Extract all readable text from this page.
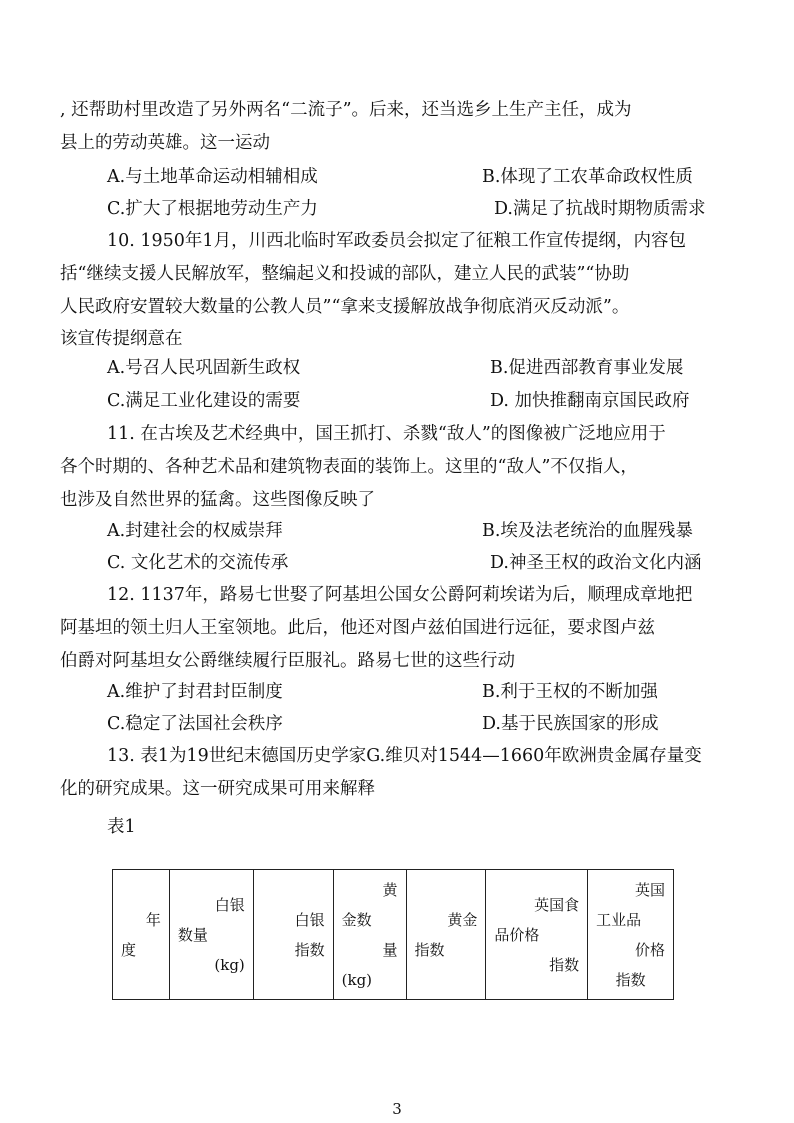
, 还帮助村里改造了另外两名“二流子”。后来，还当选乡上生产主任，成为
县上的劳动英雄。这一运动
A.与土地革命运动相辅相成	B.体现了工农革命政权性质
C.扩大了根据地劳动生产力	D.满足了抗战时期物质需求
10. 1950年1月，川西北临时军政委员会拟定了征粮工作宣传提纲，内容包
括“继续支援人民解放军，整编起义和投诚的部队，建立人民的武装”“协助
人民政府安置较大数量的公教人员”“拿来支援解放战争彻底消灭反动派”。
该宣传提纲意在
A.号召人民巩固新生政权	B.促进西部教育事业发展
C.满足工业化建设的需要	D. 加快推翻南京国民政府
11. 在古埃及艺术经典中，国王抓打、杀戮“敌人”的图像被广泛地应用于
各个时期的、各种艺术品和建筑物表面的装饰上。这里的“敌人”不仅指人，
也涉及自然世界的猛禽。这些图像反映了
A.封建社会的权威崇拜	B.埃及法老统治的血腥残暴
C. 文化艺术的交流传承	D.神圣王权的政治文化内涵
12. 1137年，路易七世娶了阿基坦公国女公爵阿莉埃诺为后，顺理成章地把
阿基坦的领土归人王室领地。此后，他还对图卢兹伯国进行远征，要求图卢兹
伯爵对阿基坦女公爵继续履行臣服礼。路易七世的这些行动
A.维护了封君封臣制度	B.利于王权的不断加强
C.稳定了法国社会秩序	D.基于民族国家的形成
13. 表1为19世纪末德国历史学家G.维贝对1544—1660年欧洲贵金属存量变
化的研究成果。这一研究成果可用来解释
表1
年
度

白银
数量
(kg)

白银
指数

黄
金数
量
(kg)

黄金
指数

英国食
品价格
指数

英国
工业品
价格
指数
3
